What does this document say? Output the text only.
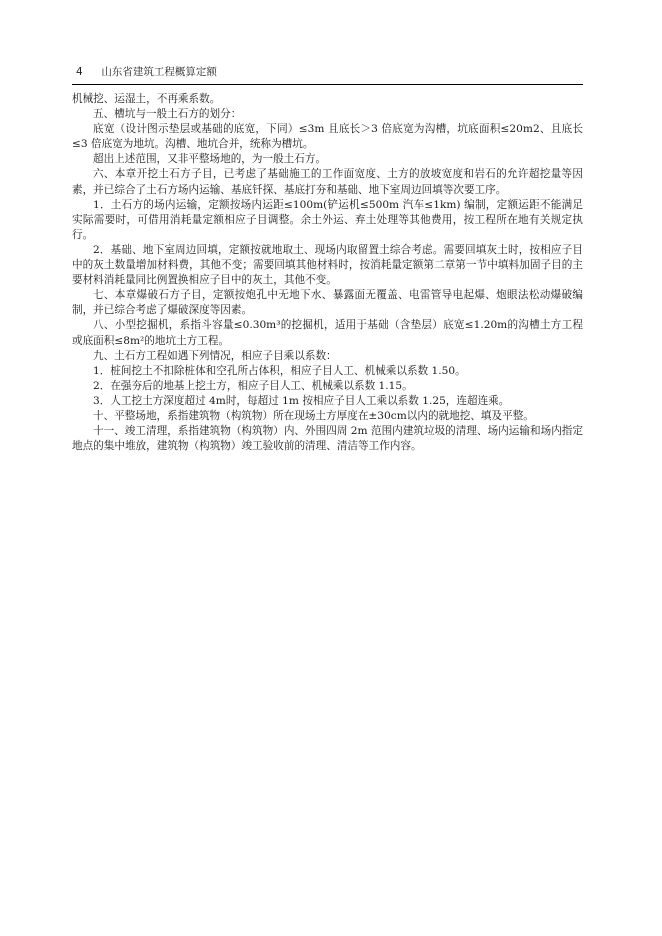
4 山东省建筑工程概算定额

机械挖、运湿土，不再乘系数。

五、槽坑与一般土石方的划分：

底宽（设计图示垫层或基础的底宽，下同）≤3m 且底长＞3 倍底宽为沟槽，坑底面积≤20m2、且底长≤3 倍底宽为地坑。沟槽、地坑合并，统称为槽坑。

超出上述范围，又非平整场地的，为一般土石方。

六、本章开挖土石方子目，已考虑了基础施工的工作面宽度、土方的放坡宽度和岩石的允许超挖量等因素，并已综合了土石方场内运输、基底钎探、基底打夯和基础、地下室周边回填等次要工序。

1．土石方的场内运输，定额按场内运距≤100m(铲运机≤500m 汽车≤1km) 编制，定额运距不能满足实际需要时，可借用消耗量定额相应子目调整。余土外运、弃土处理等其他费用，按工程所在地有关规定执行。

2．基础、地下室周边回填，定额按就地取土、现场内取留置土综合考虑。需要回填灰土时，按相应子目中的灰土数量增加材料费，其他不变；需要回填其他材料时，按消耗量定额第二章第一节中填料加固子目的主要材料消耗量同比例置换相应子目中的灰土，其他不变。

七、本章爆破石方子目，定额按炮孔中无地下水、暴露面无覆盖、电雷管导电起爆、炮眼法松动爆破编制，并已综合考虑了爆破深度等因素。

八、小型挖掘机，系指斗容量≤0.30m³的挖掘机，适用于基础（含垫层）底宽≤1.20m的沟槽土方工程或底面积≤8m²的地坑土方工程。

九、土石方工程如遇下列情况，相应子目乘以系数：

1．桩间挖土不扣除桩体和空孔所占体积，相应子目人工、机械乘以系数 1.50。

2．在强夯后的地基上挖土方，相应子目人工、机械乘以系数 1.15。

3．人工挖土方深度超过 4m时，每超过 1m 按相应子目人工乘以系数 1.25，连超连乘。

十、平整场地，系指建筑物（构筑物）所在现场土方厚度在±30cm以内的就地挖、填及平整。

十一、竣工清理，系指建筑物（构筑物）内、外围四周 2m 范围内建筑垃圾的清理、场内运输和场内指定地点的集中堆放，建筑物（构筑物）竣工验收前的清理、清洁等工作内容。
